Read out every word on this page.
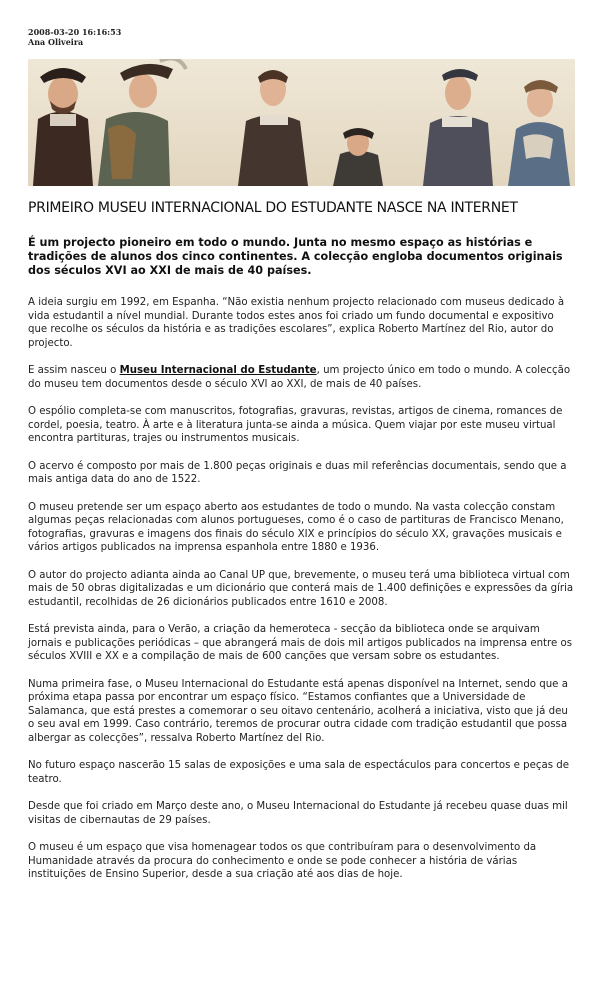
2008-03-20 16:16:53
Ana Oliveira
PRIMEIRO MUSEU INTERNACIONAL DO ESTUDANTE NASCE NA INTERNET

É um projecto pioneiro em todo o mundo. Junta no mesmo espaço as histórias e tradições de alunos dos cinco continentes. A colecção engloba documentos originais dos séculos XVI ao XXI de mais de 40 países.

A ideia surgiu em 1992, em Espanha. “Não existia nenhum projecto relacionado com museus dedicado à vida estudantil a nível mundial. Durante todos estes anos foi criado um fundo documental e expositivo que recolhe os séculos da história e as tradições escolares”, explica Roberto Martínez del Rio, autor do projecto.

E assim nasceu o Museu Internacional do Estudante, um projecto único em todo o mundo. A colecção do museu tem documentos desde o século XVI ao XXI, de mais de 40 países.

O espólio completa-se com manuscritos, fotografias, gravuras, revistas, artigos de cinema, romances de cordel, poesia, teatro. À arte e à literatura junta-se ainda a música. Quem viajar por este museu virtual encontra partituras, trajes ou instrumentos musicais.

O acervo é composto por mais de 1.800 peças originais e duas mil referências documentais, sendo que a mais antiga data do ano de 1522.

O museu pretende ser um espaço aberto aos estudantes de todo o mundo. Na vasta colecção constam algumas peças relacionadas com alunos portugueses, como é o caso de partituras de Francisco Menano, fotografias, gravuras e imagens dos finais do século XIX e princípios do século XX, gravações musicais e vários artigos publicados na imprensa espanhola entre 1880 e 1936.

O autor do projecto adianta ainda ao Canal UP que, brevemente, o museu terá uma biblioteca virtual com mais de 50 obras digitalizadas e um dicionário que conterá mais de 1.400 definições e expressões da gíria estudantil, recolhidas de 26 dicionários publicados entre 1610 e 2008.

Está prevista ainda, para o Verão, a criação da hemeroteca - secção da biblioteca onde se arquivam jornais e publicações periódicas – que abrangerá mais de dois mil artigos publicados na imprensa entre os séculos XVIII e XX e a compilação de mais de 600 canções que versam sobre os estudantes.

Numa primeira fase, o Museu Internacional do Estudante está apenas disponível na Internet, sendo que a próxima etapa passa por encontrar um espaço físico. “Estamos confiantes que a Universidade de Salamanca, que está prestes a comemorar o seu oitavo centenário, acolherá a iniciativa, visto que já deu o seu aval em 1999. Caso contrário, teremos de procurar outra cidade com tradição estudantil que possa albergar as colecções”, ressalva Roberto Martínez del Rio.

No futuro espaço nascerão 15 salas de exposições e uma sala de espectáculos para concertos e peças de teatro.

Desde que foi criado em Março deste ano, o Museu Internacional do Estudante já recebeu quase duas mil visitas de cibernautas de 29 países.

O museu é um espaço que visa homenagear todos os que contribuíram para o desenvolvimento da Humanidade através da procura do conhecimento e onde se pode conhecer a história de várias instituições de Ensino Superior, desde a sua criação até aos dias de hoje.
